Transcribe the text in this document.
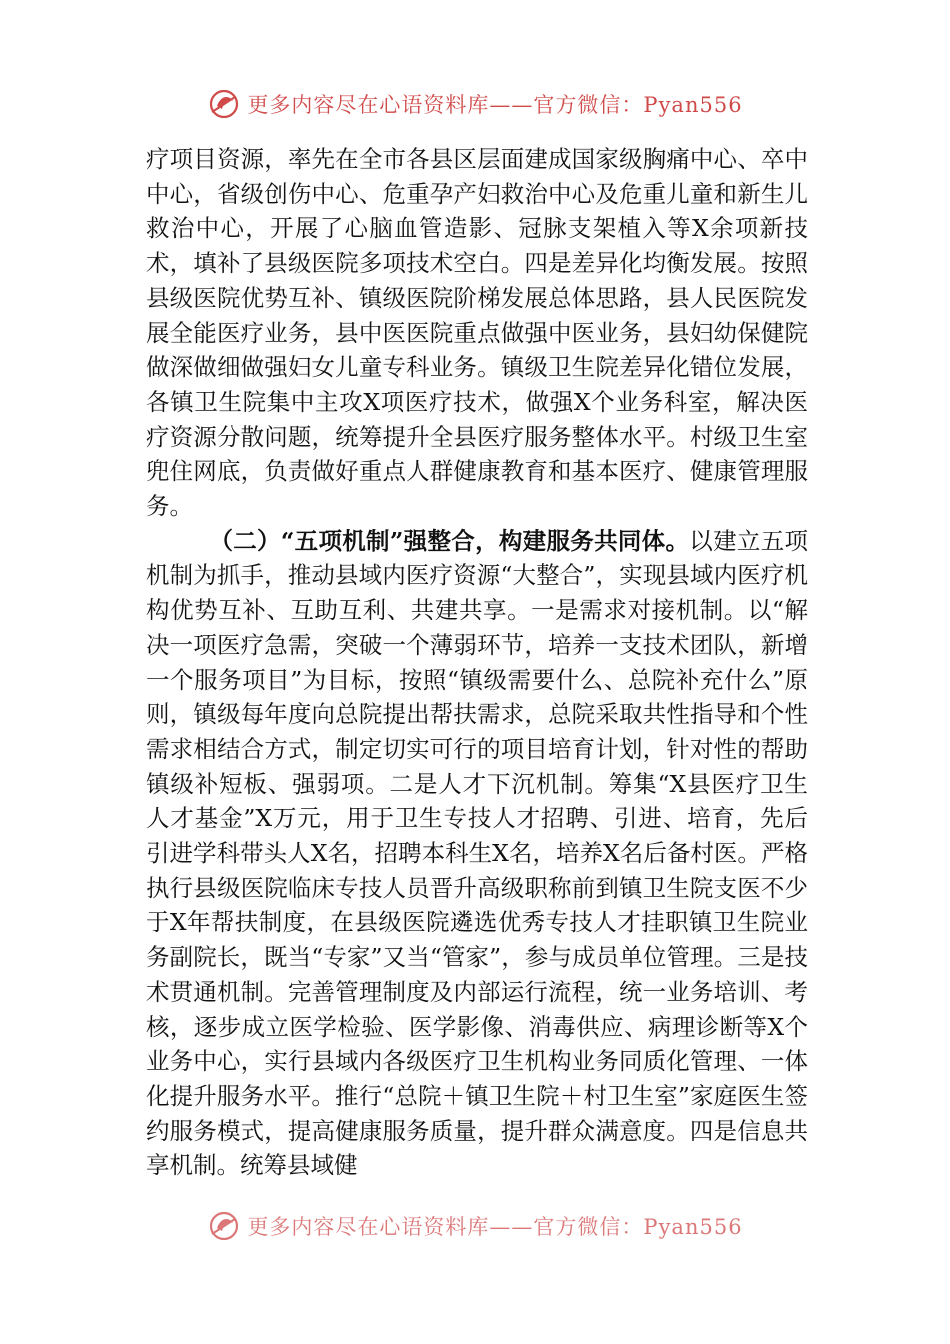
更多内容尽在心语资料库——官方微信：Pyan556

疗项目资源，率先在全市各县区层面建成国家级胸痛中心、卒中中心，省级创伤中心、危重孕产妇救治中心及危重儿童和新生儿救治中心，开展了心脑血管造影、冠脉支架植入等X余项新技术，填补了县级医院多项技术空白。四是差异化均衡发展。按照县级医院优势互补、镇级医院阶梯发展总体思路，县人民医院发展全能医疗业务，县中医医院重点做强中医业务，县妇幼保健院做深做细做强妇女儿童专科业务。镇级卫生院差异化错位发展，各镇卫生院集中主攻X项医疗技术，做强X个业务科室，解决医疗资源分散问题，统筹提升全县医疗服务整体水平。村级卫生室兜住网底，负责做好重点人群健康教育和基本医疗、健康管理服务。

（二）“五项机制”强整合，构建服务共同体。以建立五项机制为抓手，推动县域内医疗资源“大整合”，实现县域内医疗机构优势互补、互助互利、共建共享。一是需求对接机制。以“解决一项医疗急需，突破一个薄弱环节，培养一支技术团队，新增一个服务项目”为目标，按照“镇级需要什么、总院补充什么”原则，镇级每年度向总院提出帮扶需求，总院采取共性指导和个性需求相结合方式，制定切实可行的项目培育计划，针对性的帮助镇级补短板、强弱项。二是人才下沉机制。筹集“X县医疗卫生人才基金”X万元，用于卫生专技人才招聘、引进、培育，先后引进学科带头人X名，招聘本科生X名，培养X名后备村医。严格执行县级医院临床专技人员晋升高级职称前到镇卫生院支医不少于X年帮扶制度，在县级医院遴选优秀专技人才挂职镇卫生院业务副院长，既当“专家”又当“管家”，参与成员单位管理。三是技术贯通机制。完善管理制度及内部运行流程，统一业务培训、考核，逐步成立医学检验、医学影像、消毒供应、病理诊断等X个业务中心，实行县域内各级医疗卫生机构业务同质化管理、一体化提升服务水平。推行“总院＋镇卫生院＋村卫生室”家庭医生签约服务模式，提高健康服务质量，提升群众满意度。四是信息共享机制。统筹县域健

更多内容尽在心语资料库——官方微信：Pyan556
